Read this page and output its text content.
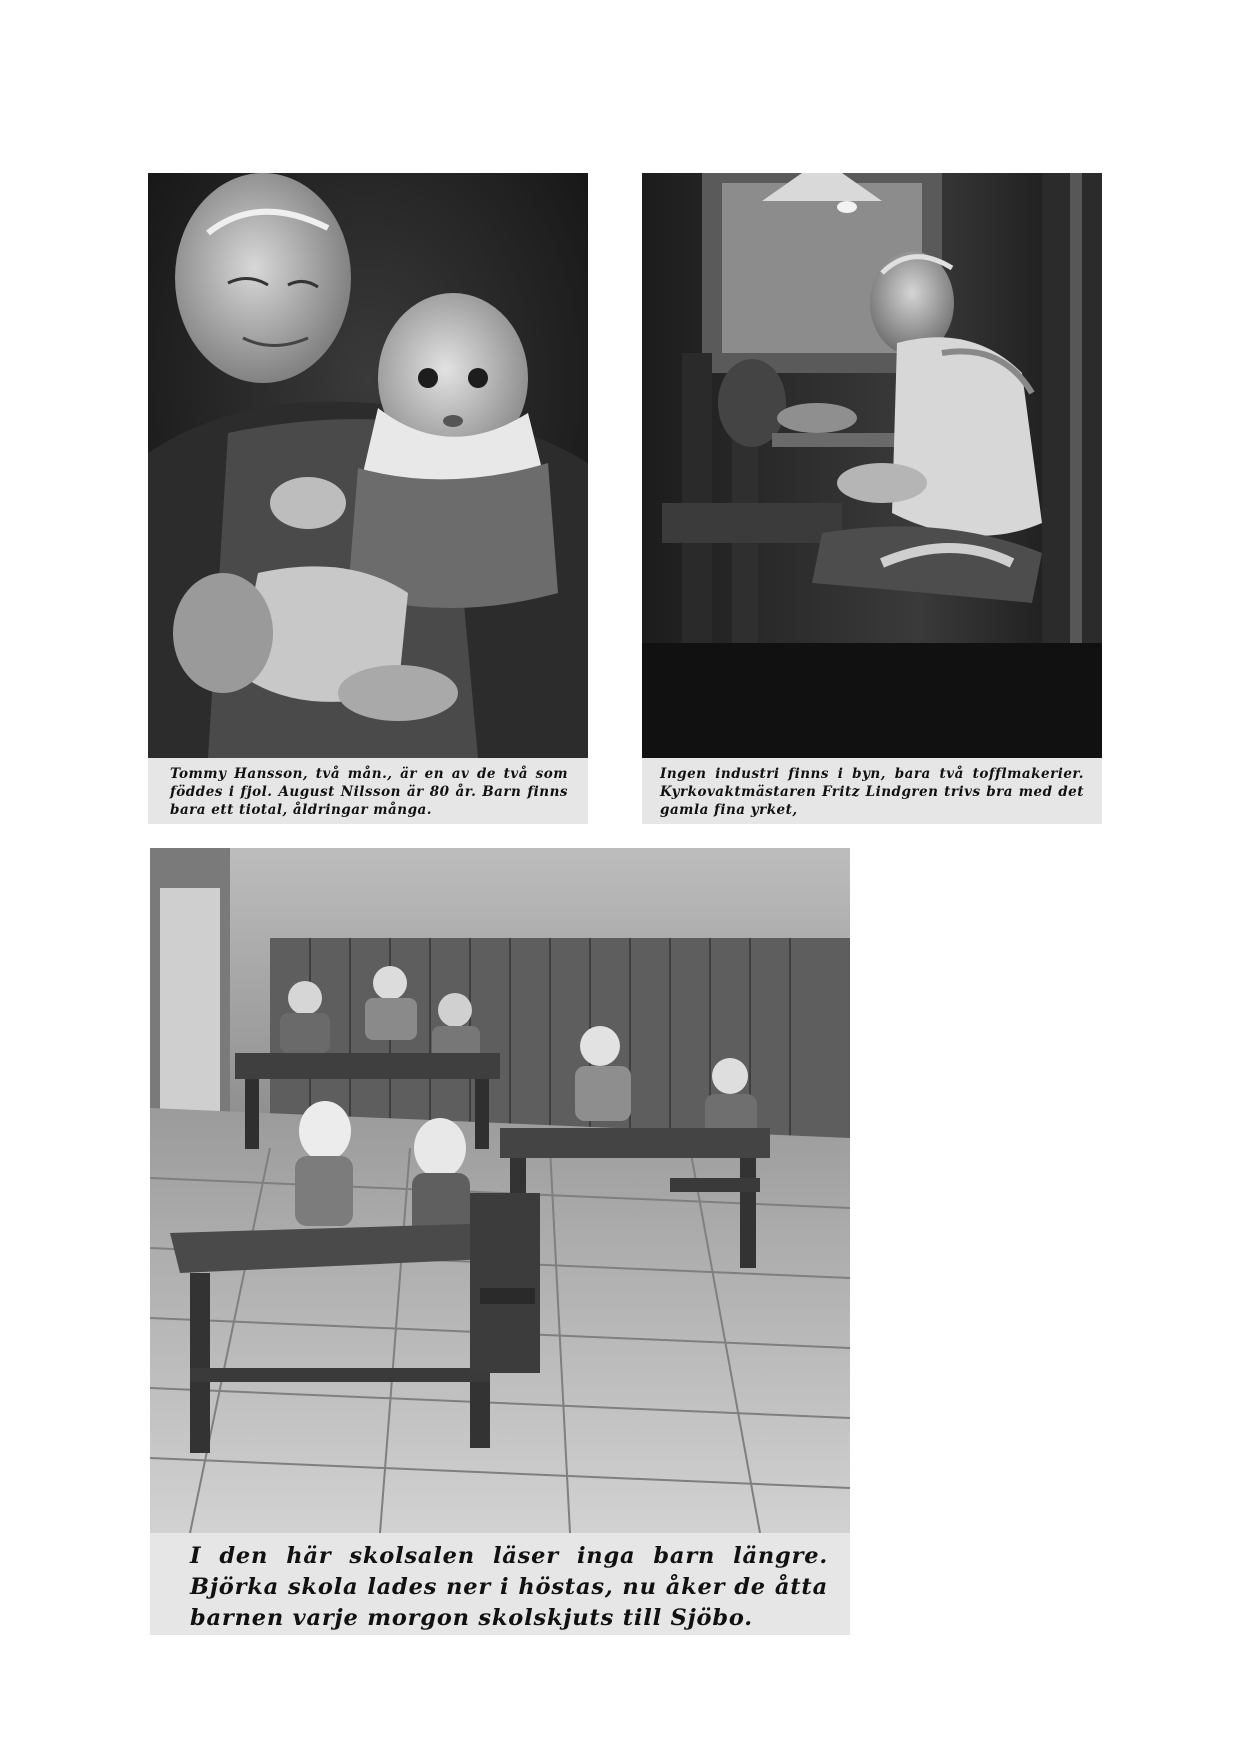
Tommy Hansson, två mån., är en av de två som föddes i fjol. August Nilsson är 80 år. Barn finns bara ett tiotal, åldringar många.
Ingen industri finns i byn, bara två tofflmakerier. Kyrkovaktmästaren Fritz Lindgren trivs bra med det gamla fina yrket,
I den här skolsalen läser inga barn längre. Björka skola lades ner i höstas, nu åker de åtta barnen varje morgon skolskjuts till Sjöbo.
